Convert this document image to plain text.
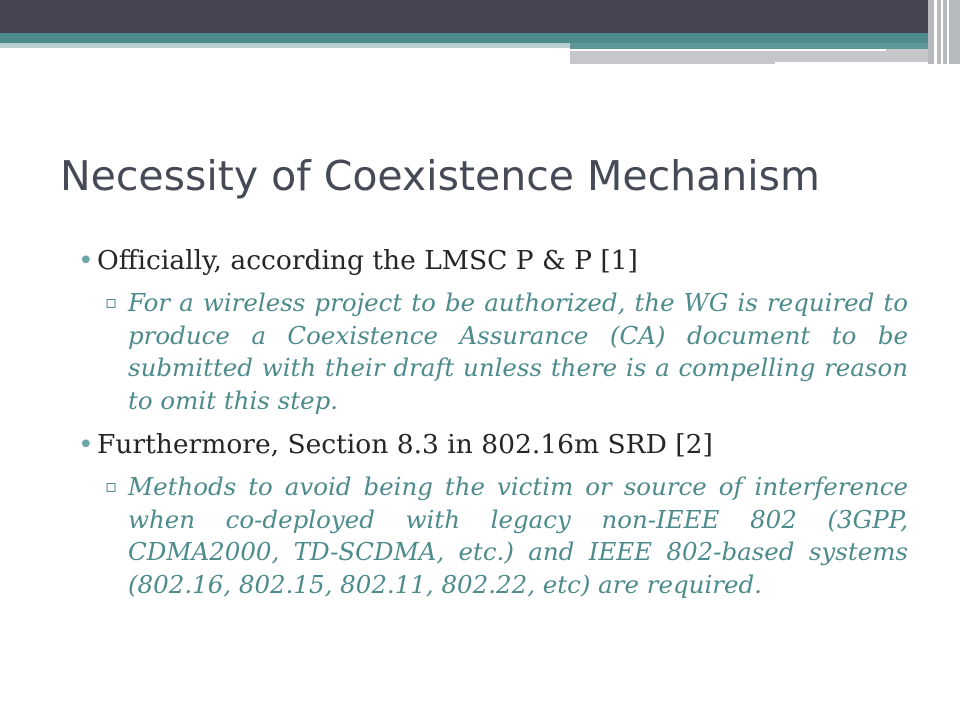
Necessity of Coexistence Mechanism
• Officially, according the LMSC P & P [1]
▫ For a wireless project to be authorized, the WG is required to produce a Coexistence Assurance (CA) document to be submitted with their draft unless there is a compelling reason to omit this step.
• Furthermore, Section 8.3 in 802.16m SRD [2]
▫ Methods to avoid being the victim or source of interference when co-deployed with legacy non-IEEE 802 (3GPP, CDMA2000, TD-SCDMA, etc.) and IEEE 802-based systems (802.16, 802.15, 802.11, 802.22, etc) are required.
